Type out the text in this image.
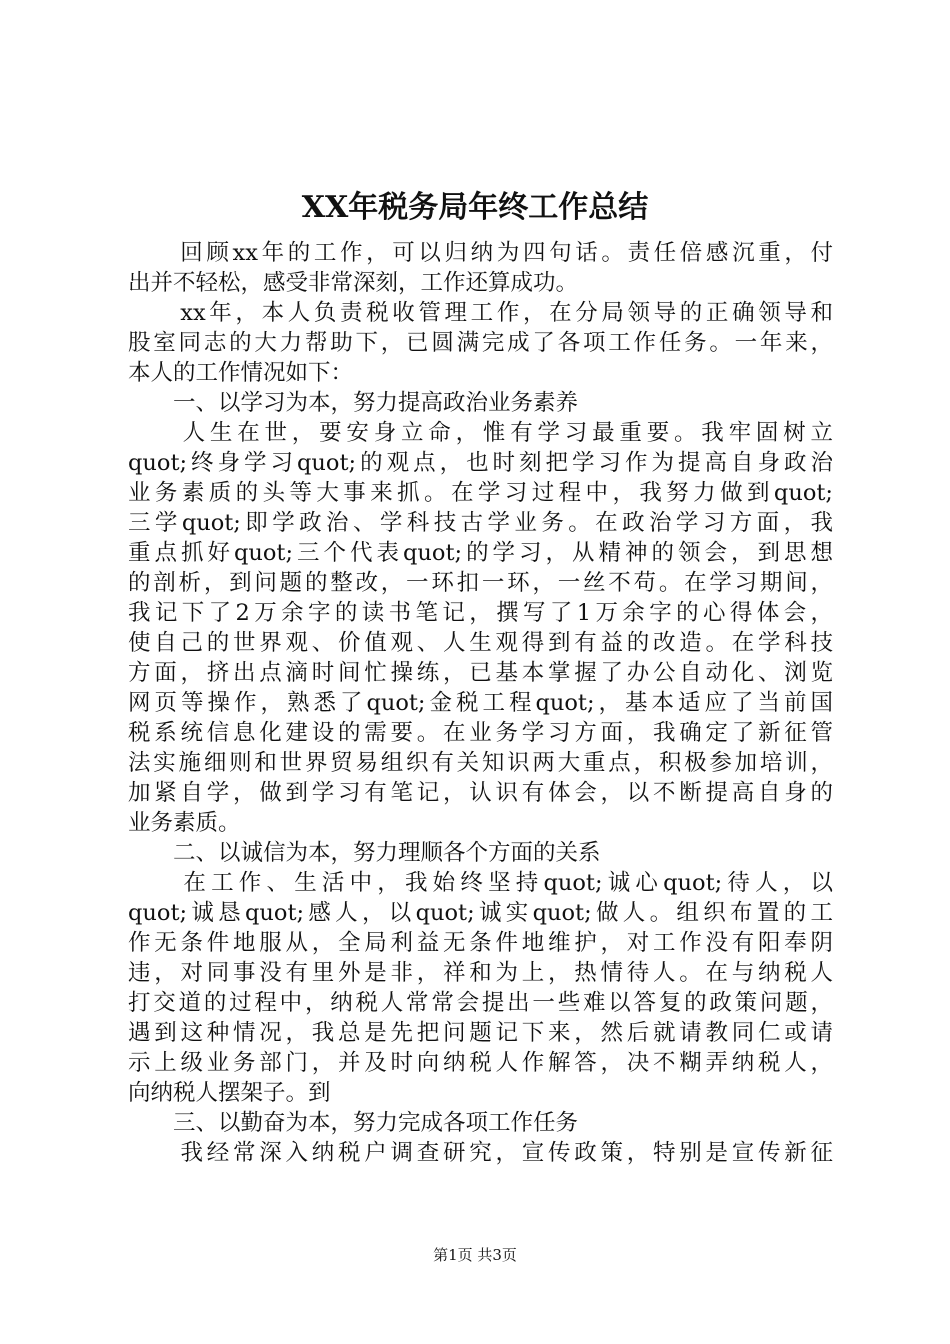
XX年税务局年终工作总结
　　回顾xx年的工作，可以归纳为四句话。责任倍感沉重，付
出并不轻松，感受非常深刻，工作还算成功。
　　xx年，本人负责税收管理工作，在分局领导的正确领导和
股室同志的大力帮助下，已圆满完成了各项工作任务。一年来，
本人的工作情况如下：
　　一、以学习为本，努力提高政治业务素养
　　人生在世，要安身立命，惟有学习最重要。我牢固树立
quot;终身学习quot;的观点，也时刻把学习作为提高自身政治
业务素质的头等大事来抓。在学习过程中，我努力做到quot;
三学quot;即学政治、学科技古学业务。在政治学习方面，我
重点抓好quot;三个代表quot;的学习，从精神的领会，到思想
的剖析，到问题的整改，一环扣一环，一丝不苟。在学习期间，
我记下了2万余字的读书笔记，撰写了1万余字的心得体会，
使自己的世界观、价值观、人生观得到有益的改造。在学科技
方面，挤出点滴时间忙操练，已基本掌握了办公自动化、浏览
网页等操作，熟悉了quot;金税工程quot;，基本适应了当前国
税系统信息化建设的需要。在业务学习方面，我确定了新征管
法实施细则和世界贸易组织有关知识两大重点，积极参加培训，
加紧自学，做到学习有笔记，认识有体会，以不断提高自身的
业务素质。
　　二、以诚信为本，努力理顺各个方面的关系
　　在工作、生活中，我始终坚持quot;诚心quot;待人，以
quot;诚恳quot;感人，以quot;诚实quot;做人。组织布置的工
作无条件地服从，全局利益无条件地维护，对工作没有阳奉阴
违，对同事没有里外是非，祥和为上，热情待人。在与纳税人
打交道的过程中，纳税人常常会提出一些难以答复的政策问题，
遇到这种情况，我总是先把问题记下来，然后就请教同仁或请
示上级业务部门，并及时向纳税人作解答，决不糊弄纳税人，
向纳税人摆架子。到
　　三、以勤奋为本，努力完成各项工作任务
　　我经常深入纳税户调查研究，宣传政策，特别是宣传新征
第1页 共3页
